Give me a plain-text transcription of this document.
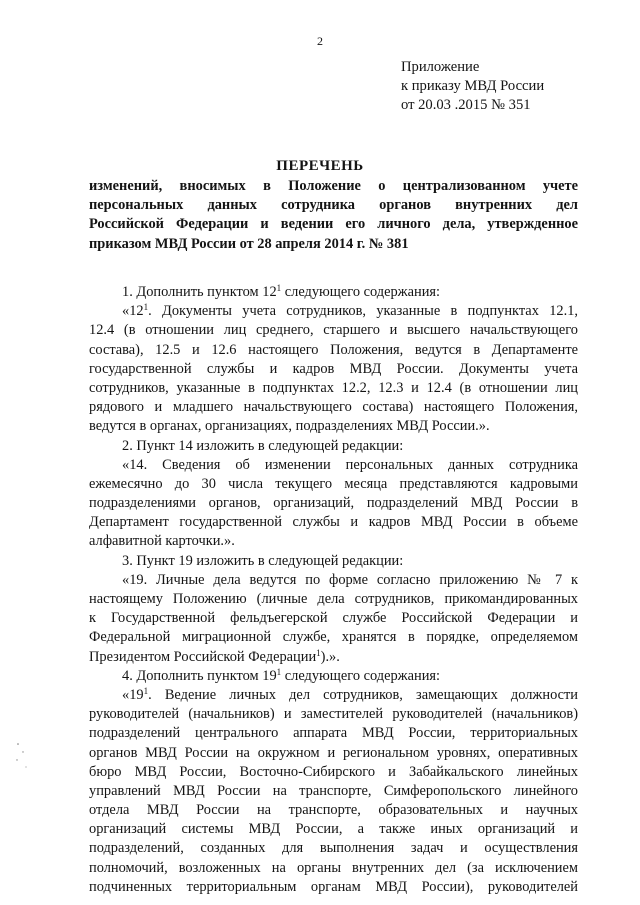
2
Приложение
к приказу МВД России
от 20.03 .2015 № 351
ПЕРЕЧЕНЬ
изменений, вносимых в Положение о централизованном учете
персональных данных сотрудника органов внутренних дел
Российской Федерации и ведении его личного дела, утвержденное
приказом МВД России от 28 апреля 2014 г. № 381
1. Дополнить пунктом $12^1$ следующего содержания:
«$12^1$. Документы учета сотрудников, указанные в подпунктах 12.1,
12.4 (в отношении лиц среднего, старшего и высшего начальствующего
состава), 12.5 и 12.6 настоящего Положения, ведутся в Департаменте
государственной службы и кадров МВД России. Документы учета
сотрудников, указанные в подпунктах 12.2, 12.3 и 12.4 (в отношении лиц
рядового и младшего начальствующего состава) настоящего Положения,
ведутся в органах, организациях, подразделениях МВД России.».
2. Пункт 14 изложить в следующей редакции:
«14. Сведения об изменении персональных данных сотрудника
ежемесячно до 30 числа текущего месяца представляются кадровыми
подразделениями органов, организаций, подразделений МВД России в
Департамент государственной службы и кадров МВД России в объеме
алфавитной карточки.».
3. Пункт 19 изложить в следующей редакции:
«19. Личные дела ведутся по форме согласно приложению № 7 к
настоящему Положению (личные дела сотрудников, прикомандированных
к Государственной фельдъегерской службе Российской Федерации и
Федеральной миграционной службе, хранятся в порядке, определяемом
Президентом Российской Федерации$^1$).».
4. Дополнить пунктом $19^1$ следующего содержания:
«$19^1$. Ведение личных дел сотрудников, замещающих должности
руководителей (начальников) и заместителей руководителей (начальников)
подразделений центрального аппарата МВД России, территориальных
органов МВД России на окружном и региональном уровнях, оперативных
бюро МВД России, Восточно-Сибирского и Забайкальского линейных
управлений МВД России на транспорте, Симферопольского линейного
отдела МВД России на транспорте, образовательных и научных
организаций системы МВД России, а также иных организаций и
подразделений, созданных для выполнения задач и осуществления
полномочий, возложенных на органы внутренних дел (за исключением
подчиненных территориальным органам МВД России), руководителей
